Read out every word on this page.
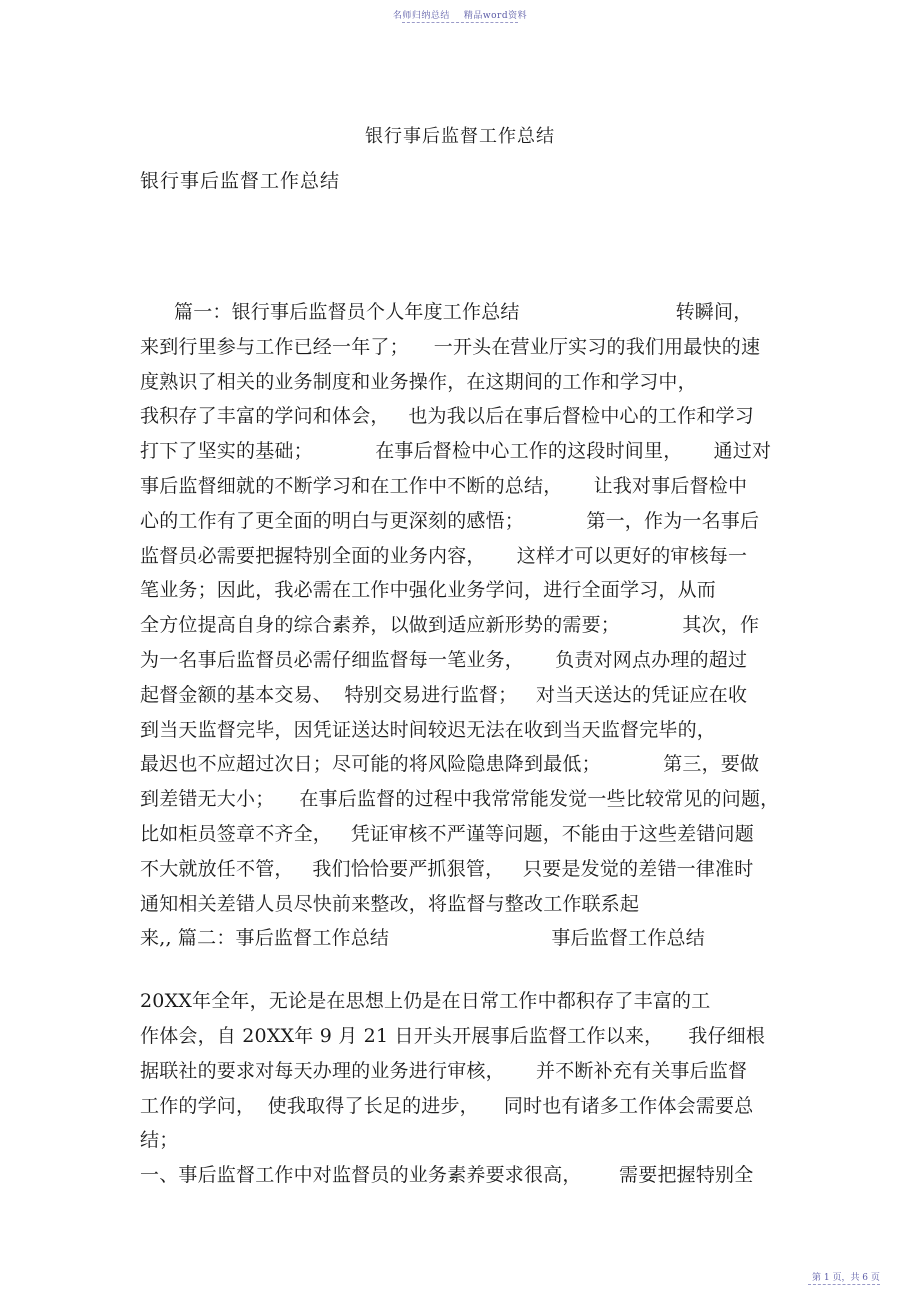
名师归纳总结 精品word资料
银行事后监督工作总结
银行事后监督工作总结
篇一：银行事后监督员个人年度工作总结                         转瞬间，
来到行里参与工作已经一年了；    一开头在营业厅实习的我们用最快的速
度熟识了相关的业务制度和业务操作，在这期间的工作和学习中，
我积存了丰富的学问和体会，   也为我以后在事后督检中心的工作和学习
打下了坚实的基础；          在事后督检中心工作的这段时间里，     通过对
事后监督细就的不断学习和在工作中不断的总结，     让我对事后督检中
心的工作有了更全面的明白与更深刻的感悟；          第一，作为一名事后
监督员必需要把握特别全面的业务内容，     这样才可以更好的审核每一
笔业务；因此，我必需在工作中强化业务学问，进行全面学习，从而
全方位提高自身的综合素养，以做到适应新形势的需要；          其次，作
为一名事后监督员必需仔细监督每一笔业务，     负责对网点办理的超过
起督金额的基本交易、  特别交易进行监督；   对当天送达的凭证应在收
到当天监督完毕，因凭证送达时间较迟无法在收到当天监督完毕的，
最迟也不应超过次日；尽可能的将风险隐患降到最低；          第三，要做
到差错无大小；    在事后监督的过程中我常常能发觉一些比较常见的问题，
比如柜员签章不齐全，   凭证审核不严谨等问题，不能由于这些差错问题
不大就放任不管，   我们恰恰要严抓狠管，   只要是发觉的差错一律准时
通知相关差错人员尽快前来整改，将监督与整改工作联系起
来,, 篇二：事后监督工作总结                          事后监督工作总结
20XX年全年，无论是在思想上仍是在日常工作中都积存了丰富的工
作体会，自 20XX年 9 月 21 日开头开展事后监督工作以来，    我仔细根
据联社的要求对每天办理的业务进行审核，     并不断补充有关事后监督
工作的学问，  使我取得了长足的进步，    同时也有诸多工作体会需要总
结；
一、事后监督工作中对监督员的业务素养要求很高，      需要把握特别全
第 1 页，共 6 页
